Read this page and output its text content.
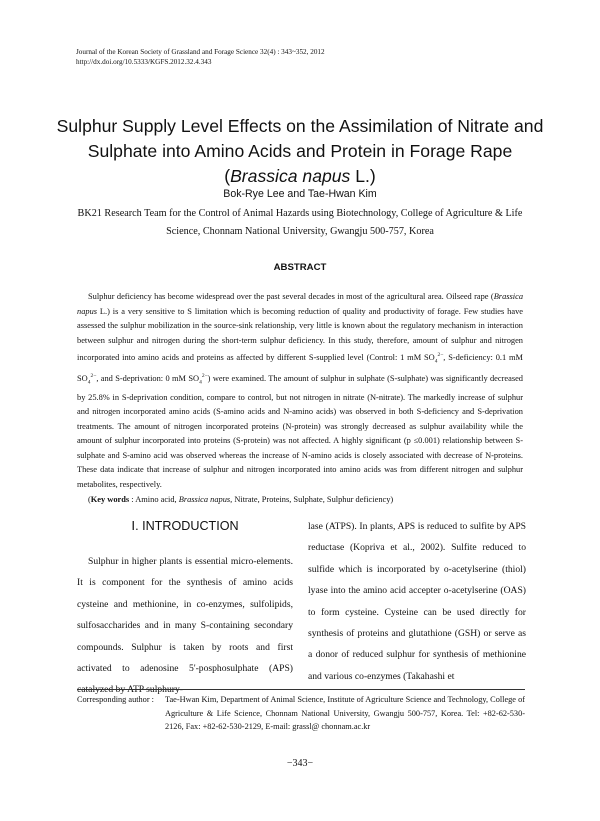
Journal of the Korean Society of Grassland and Forage Science 32(4) : 343~352, 2012
http://dx.doi.org/10.5333/KGFS.2012.32.4.343
Sulphur Supply Level Effects on the Assimilation of Nitrate and
Sulphate into Amino Acids and Protein in Forage Rape
(Brassica napus L.)
Bok-Rye Lee and Tae-Hwan Kim
BK21 Research Team for the Control of Animal Hazards using Biotechnology, College of Agriculture & Life Science, Chonnam National University, Gwangju 500-757, Korea
ABSTRACT

Sulphur deficiency has become widespread over the past several decades in most of the agricultural area. Oilseed rape (Brassica napus L.) is a very sensitive to S limitation which is becoming reduction of quality and productivity of forage. Few studies have assessed the sulphur mobilization in the source-sink relationship, very little is known about the regulatory mechanism in interaction between sulphur and nitrogen during the short-term sulphur deficiency. In this study, therefore, amount of sulphur and nitrogen incorporated into amino acids and proteins as affected by different S-supplied level (Control: 1 mM $SO_4^{2-}$, S-deficiency: 0.1 mM $SO_4^{2-}$, and S-deprivation: 0 mM $SO_4^{2-}$) were examined. The amount of sulphur in sulphate (S-sulphate) was significantly decreased by 25.8% in S-deprivation condition, compare to control, but not nitrogen in nitrate (N-nitrate). The markedly increase of sulphur and nitrogen incorporated amino acids (S-amino acids and N-amino acids) was observed in both S-deficiency and S-deprivation treatments. The amount of nitrogen incorporated proteins (N-protein) was strongly decreased as sulphur availability while the amount of sulphur incorporated into proteins (S-protein) was not affected. A highly significant (p ≤0.001) relationship between S-sulphate and S-amino acid was observed whereas the increase of N-amino acids is closely associated with decrease of N-proteins. These data indicate that increase of sulphur and nitrogen incorporated into amino acids was from different nitrogen and sulphur metabolites, respectively.

(Key words : Amino acid, Brassica napus, Nitrate, Proteins, Sulphate, Sulphur deficiency)

Ⅰ. INTRODUCTION

Sulphur in higher plants is essential micro-elements. It is component for the synthesis of amino acids cysteine and methionine, in co-enzymes, sulfolipids, sulfosaccharides and in many S-containing secondary compounds. Sulphur is taken by roots and first activated to adenosine 5'-posphosulphate (APS) catalyzed by ATP sulphury-

lase (ATPS). In plants, APS is reduced to sulfite by APS reductase (Kopriva et al., 2002). Sulfite reduced to sulfide which is incorporated by o-acetylserine (thiol) lyase into the amino acid accepter o-acetylserine (OAS) to form cysteine. Cysteine can be used directly for synthesis of proteins and glutathione (GSH) or serve as a donor of reduced sulphur for synthesis of methionine and various co-enzymes (Takahashi et

Corresponding author :	Tae-Hwan Kim, Department of Animal Science, Institute of Agriculture Science and Technology, College of Agriculture & Life Science, Chonnam National University, Gwangju 500-757, Korea. Tel: +82-62-530-2126, Fax: +82-62-530-2129, E-mail: grassl@ chonnam.ac.kr
−343−
